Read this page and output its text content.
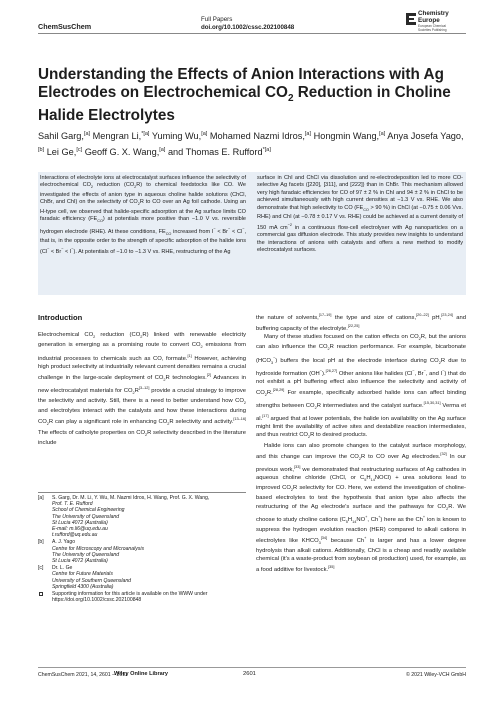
ChemSusChem
Full Papers
doi.org/10.1002/cssc.202100848
Chemistry
Europe
European Chemical
Societies Publishing
Understanding the Effects of Anion Interactions with Ag
Electrodes on Electrochemical $CO_2$ Reduction in Choline
Halide Electrolytes
Sahil Garg,[a] Mengran Li,$^{*[a]}$ Yuming Wu,[a] Mohamed Nazmi Idros,[a] Hongmin Wang,[a] Anya Josefa Yago,[b] Lei Ge,[c] Geoff G. X. Wang,[a] and Thomas E. Rufford$^{*[a]}$

Interactions of electrolyte ions at electrocatalyst surfaces influence the selectivity of electrochemical $CO_2$ reduction $(CO_2R)$ to chemical feedstocks like CO. We investigated the effects of anion type in aqueous choline halide solutions (ChCl, ChBr, and ChI) on the selectivity of $CO_2R$ to CO over an Ag foil cathode. Using an H-type cell, we observed that halide-specific adsorption at the Ag surface limits CO faradaic efficiency $(FE_{CO})$ at potentials more positive than −1.0 V vs. reversible hydrogen electrode (RHE). At these conditions, $FE_{CO}$ increased from I− < Br− < Cl−, that is, in the opposite order to the strength of specific adsorption of the halide ions (Cl− < Br− < I−). At potentials of −1.0 to −1.3 V vs. RHE, restructuring of the Ag

surface in ChI and ChCl via dissolution and re-electrodeposition led to more CO-selective Ag facets ([220], [311], and [222]) than in ChBr. This mechanism allowed very high faradaic efficiencies for CO of 97 ± 2 % in ChI and 94 ± 2 % in ChCl to be achieved simultaneously with high current densities at −1.3 V vs. RHE. We also demonstrate that high selectivity to CO ($FE_{CO} > 90$ %) in ChCl (at −0.75 ± 0.06 Vvs. RHE) and ChI (at −0.78 ± 0.17 V vs. RHE) could be achieved at a current density of 150 mA $cm^{-2}$ in a continuous flow-cell electrolyser with Ag nanoparticles on a commercial gas diffusion electrode. This study provides new insights to understand the interactions of anions with catalysts and offers a new method to modify electrocatalyst surfaces.

Introduction

Electrochemical $CO_2$ reduction $(CO_2R)$ linked with renewable electricity generation is emerging as a promising route to convert $CO_2$ emissions from industrial processes to chemicals such as CO, formate.[1] However, achieving high product selectivity at industrially relevant current densities remains a crucial challenge in the large-scale deployment of $CO_2R$ technologies.[2] Advances in new electrocatalyst materials for $CO_2R[3-12]$ provide a crucial strategy to improve the selectivity and activity. Still, there is a need to better understand how $CO_2$ and electrolytes interact with the catalysts and how these interactions during $CO_2R$ can play a significant role in enhancing $CO_2R$ selectivity and activity.[13–16] The effects of catholyte properties on $CO_2R$ selectivity described in the literature include

the nature of solvents,[17–19] the type and size of cations,[20–22] pH,[23,24] and buffering capacity of the electrolyte.[22,25]

Many of these studies focused on the cation effects on $CO_2R$, but the anions can also influence the $CO_2R$ reaction performance. For example, bicarbonate $(HCO_3^-)$ buffers the local pH at the electrode interface during $CO_2R$ due to hydroxide formation (OH−).[26,27] Other anions like halides (Cl−, Br−, and I−) that do not exhibit a pH buffering effect also influence the selectivity and activity of $CO_2R.[28,29]$ For example, specifically adsorbed halide ions can affect binding strengths between $CO_2R$ intermediates and the catalyst surface.[15,30,31] Verma et al.[17] argued that at lower potentials, the halide ion availability on the Ag surface might limit the availability of active sites and destabilize reaction intermediates, and thus restrict $CO_2R$ to desired products.

Halide ions can also promote changes to the catalyst surface morphology, and this change can improve the $CO_2R$ to CO over Ag electrodes.[32] In our previous work,[33] we demonstrated that restructuring surfaces of Ag cathodes in aqueous choline chloride (ChCl, or $C_5H_{14}NOCl$) + urea solutions lead to improved $CO_2R$ selectivity for CO. Here, we extend the investigation of choline-based electrolytes to test the hypothesis that anion type also affects the restructuring of the Ag electrode's surface and the pathways for $CO_2R$. We choose to study choline cations ($C_5H_{14}NO^+$, Ch+) here as the Ch+ ion is known to suppress the hydrogen evolution reaction (HER) compared to alkali cations in electrolytes like $KHCO_3[34]$ because Ch+ is larger and has a lower degree hydrolysis than alkali cations. Additionally, ChCl is a cheap and readily available chemical (it's a waste-product from soybean oil production) used, for example, as a food additive for livestock.[35]

[a]	S. Garg, Dr. M. Li, Y. Wu, M. Nazmi Idros, H. Wang, Prof. G. X. Wang,
Prof. T. E. Rufford
School of Chemical Engineering
The University of Queensland
St Lucia 4072 (Australia)
E-mail: m.li6@uq.edu.au
t.rufford@uq.edu.au
[b]	A. J. Yago
Centre for Microscopy and Microanalysis
The University of Queensland
St Lucia 4072 (Australia)
[c]	Dr. L. Ge
Centre for Future Materials
University of Southern Queensland
Springfield 4300 (Australia)
Supporting information for this article is available on the WWW under
https://doi.org/10.1002/cssc.202100848
ChemSusChem 2021, 14, 2601 – 2611
Wiley Online Library	2601	© 2021 Wiley-VCH GmbH
